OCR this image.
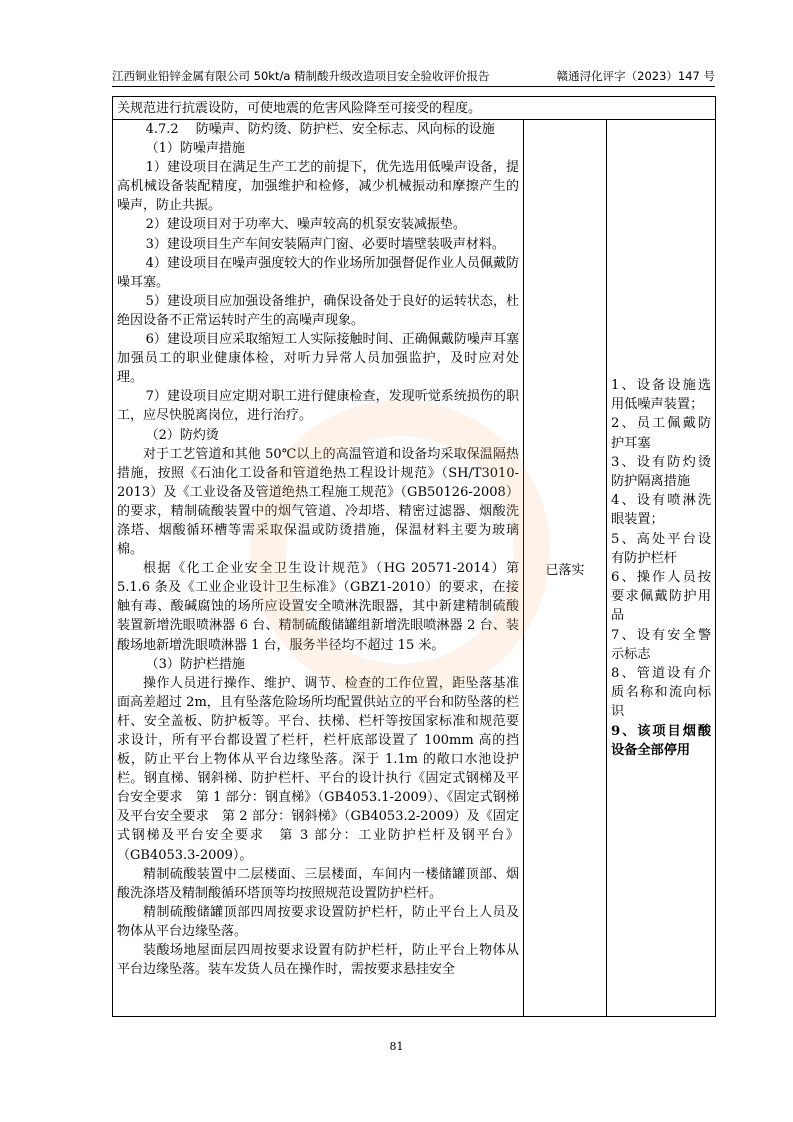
江西铜业铅锌金属有限公司 50kt/a 精制酸升级改造项目安全验收评价报告	赣通浔化评字（2023）147 号
关规范进行抗震设防，可使地震的危害风险降至可接受的程度。

4.7.2　 防噪声、防灼烫、防护栏、安全标志、风向标的设施

（1）防噪声措施

1）建设项目在满足生产工艺的前提下，优先选用低噪声设备，提高机械设备装配精度，加强维护和检修，减少机械振动和摩擦产生的噪声，防止共振。

2）建设项目对于功率大、噪声较高的机泵安装减振垫。

3）建设项目生产车间安装隔声门窗、必要时墙壁装吸声材料。

4）建设项目在噪声强度较大的作业场所加强督促作业人员佩戴防噪耳塞。

5）建设项目应加强设备维护，确保设备处于良好的运转状态，杜绝因设备不正常运转时产生的高噪声现象。

6）建设项目应采取缩短工人实际接触时间、正确佩戴防噪声耳塞加强员工的职业健康体检，对听力异常人员加强监护，及时应对处理。

7）建设项目应定期对职工进行健康检查，发现听觉系统损伤的职工，应尽快脱离岗位，进行治疗。

（2）防灼烫

对于工艺管道和其他 50℃以上的高温管道和设备均采取保温隔热措施，按照《石油化工设备和管道绝热工程设计规范》（SH/T3010-2013）及《工业设备及管道绝热工程施工规范》（GB50126-2008）的要求，精制硫酸装置中的烟气管道、冷却塔、精密过滤器、烟酸洗涤塔、烟酸循环槽等需采取保温或防烫措施，保温材料主要为玻璃棉。

根据《化工企业安全卫生设计规范》（HG 20571-2014）第 5.1.6 条及《工业企业设计卫生标准》（GBZ1-2010）的要求，在接触有毒、酸碱腐蚀的场所应设置安全喷淋洗眼器，其中新建精制硫酸装置新增洗眼喷淋器 6 台、精制硫酸储罐组新增洗眼喷淋器 2 台、装酸场地新增洗眼喷淋器 1 台，服务半径均不超过 15 米。

（3）防护栏措施

操作人员进行操作、维护、调节、检查的工作位置，距坠落基准面高差超过 2m，且有坠落危险场所均配置供站立的平台和防坠落的栏杆、安全盖板、防护板等。平台、扶梯、栏杆等按国家标准和规范要求设计，所有平台都设置了栏杆，栏杆底部设置了 100mm 高的挡板，防止平台上物体从平台边缘坠落。深于 1.1m 的敞口水池设护栏。钢直梯、钢斜梯、防护栏杆、平台的设计执行《固定式钢梯及平台安全要求　第 1 部分：钢直梯》（GB4053.1-2009）、《固定式钢梯及平台安全要求　第 2 部分：钢斜梯》（GB4053.2-2009）及《固定式钢梯及平台安全要求　第 3 部分：工业防护栏杆及钢平台》（GB4053.3-2009）。

精制硫酸装置中二层楼面、三层楼面，车间内一楼储罐顶部、烟酸洗涤塔及精制酸循环塔顶等均按照规范设置防护栏杆。

精制硫酸储罐顶部四周按要求设置防护栏杆，防止平台上人员及物体从平台边缘坠落。

装酸场地屋面层四周按要求设置有防护栏杆，防止平台上物体从平台边缘坠落。装车发货人员在操作时，需按要求悬挂安全

	已落实	
1、设备设施选用低噪声装置；
2、员工佩戴防护耳塞
3、设有防灼烫防护隔离措施
4、设有喷淋洗眼装置；
5、高处平台设有防护栏杆
6、操作人员按要求佩戴防护用品
7、设有安全警示标志
8、管道设有介质名称和流向标识
9、该项目烟酸设备全部停用
81
